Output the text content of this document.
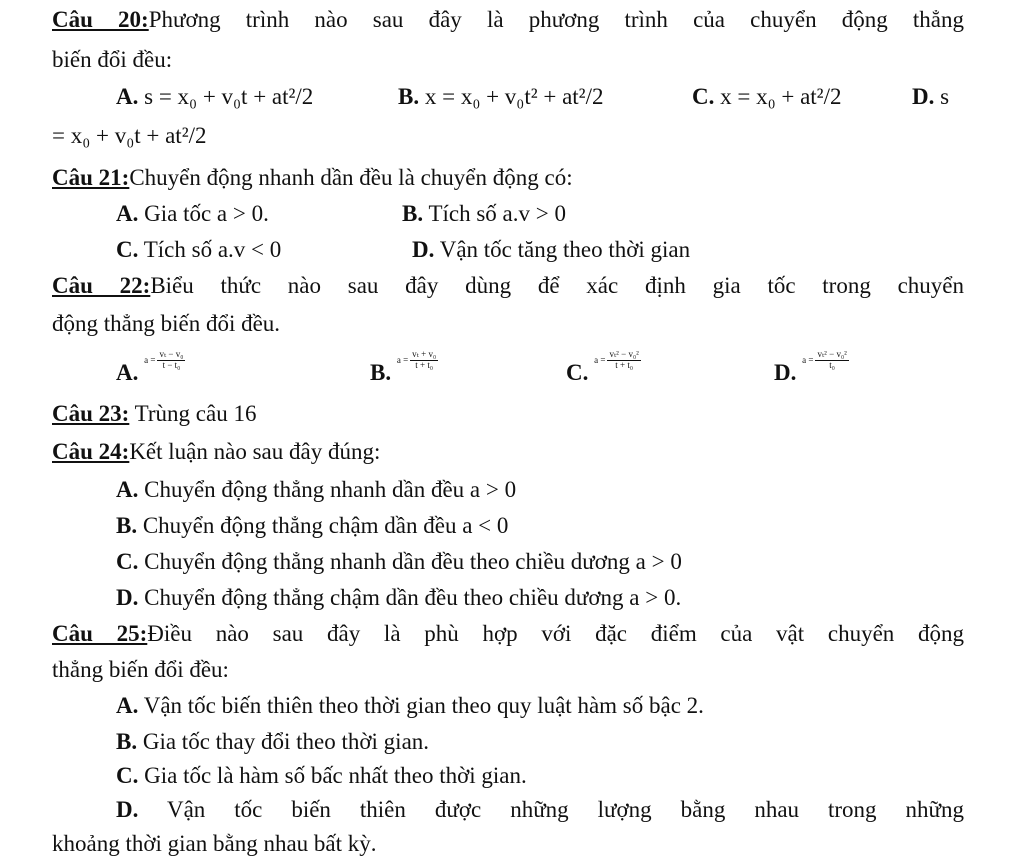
Câu 20:Phương trình nào sau đây là phương trình của chuyển động thẳng
biến đổi đều:
A. s = x₀ + v₀t + at²/2	B. x = x₀ + v₀t² + at²/2	C. x = x₀ + at²/2	D. s
= x₀ + v₀t + at²/2
Câu 21:Chuyển động nhanh dần đều là chuyển động có:
A. Gia tốc a > 0.	B. Tích số a.v > 0
C. Tích số a.v < 0	D. Vận tốc tăng theo thời gian
Câu 22:Biểu thức nào sau đây dùng để xác định gia tốc trong chuyển
động thẳng biến đổi đều.
A. $a = \frac{\text{vₜ − v₀}}{\text{t − t₀}}$	B. $a = \frac{\text{vₜ + v₀}}{\text{t + t₀}}$	C. $a = \frac{\text{vₜ² − v₀²}}{\text{t + t₀}}$	D. $a = \frac{\text{vₜ² − v₀²}}{\text{t₀}}$
Câu 23: Trùng câu 16
Câu 24:Kết luận nào sau đây đúng:
A. Chuyển động thẳng nhanh dần đều a > 0
B. Chuyển động thẳng chậm dần đều a < 0
C. Chuyển động thẳng nhanh dần đều theo chiều dương a > 0
D. Chuyển động thẳng chậm dần đều theo chiều dương a > 0.
Câu 25:Điều nào sau đây là phù hợp với đặc điểm của vật chuyển động
thẳng biến đổi đều:
A. Vận tốc biến thiên theo thời gian theo quy luật hàm số bậc 2.
B. Gia tốc thay đổi theo thời gian.
C. Gia tốc là hàm số bấc nhất theo thời gian.
D. Vận tốc biến thiên được những lượng bằng nhau trong những
khoảng thời gian bằng nhau bất kỳ.
